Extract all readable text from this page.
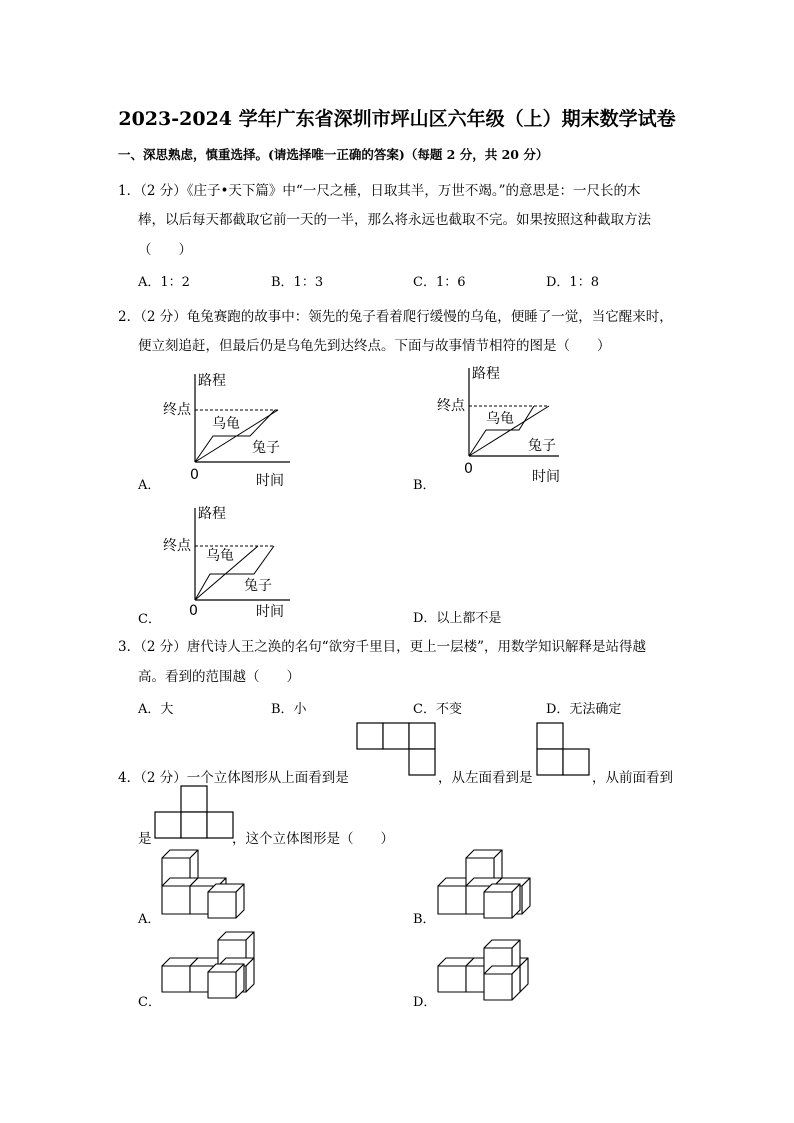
2023-2024 学年广东省深圳市坪山区六年级（上）期末数学试卷
一、深思熟虑，慎重选择。(请选择唯一正确的答案)（每题 2 分，共 20 分）
1．（2 分）《庄子•天下篇》中“一尺之棰，日取其半，万世不竭。”的意思是：一尺长的木
棒，以后每天都截取它前一天的一半，那么将永远也截取不完。如果按照这种截取方法
（　　）
A．1：2	B．1：3	C．1：6	D．1：8
2．（2 分）龟兔赛跑的故事中：领先的兔子看着爬行缓慢的乌龟，便睡了一觉，当它醒来时，
便立刻追赶，但最后仍是乌龟先到达终点。下面与故事情节相符的图是（　　）
路程
终点
乌龟
兔子
0	时间
A．
路程
终点
乌龟
兔子
0	时间
B．
路程
终点
乌龟
兔子
0	时间
C．	D．以上都不是
3．（2 分）唐代诗人王之涣的名句“欲穷千里目，更上一层楼”，用数学知识解释是站得越
高。看到的范围越（　　）
A．大	B．小	C．不变	D．无法确定
4．（2 分）一个立体图形从上面看到是	，从左面看到是	，从前面看到
是	，这个立体图形是（　　）
A．	B．
C．	D．
